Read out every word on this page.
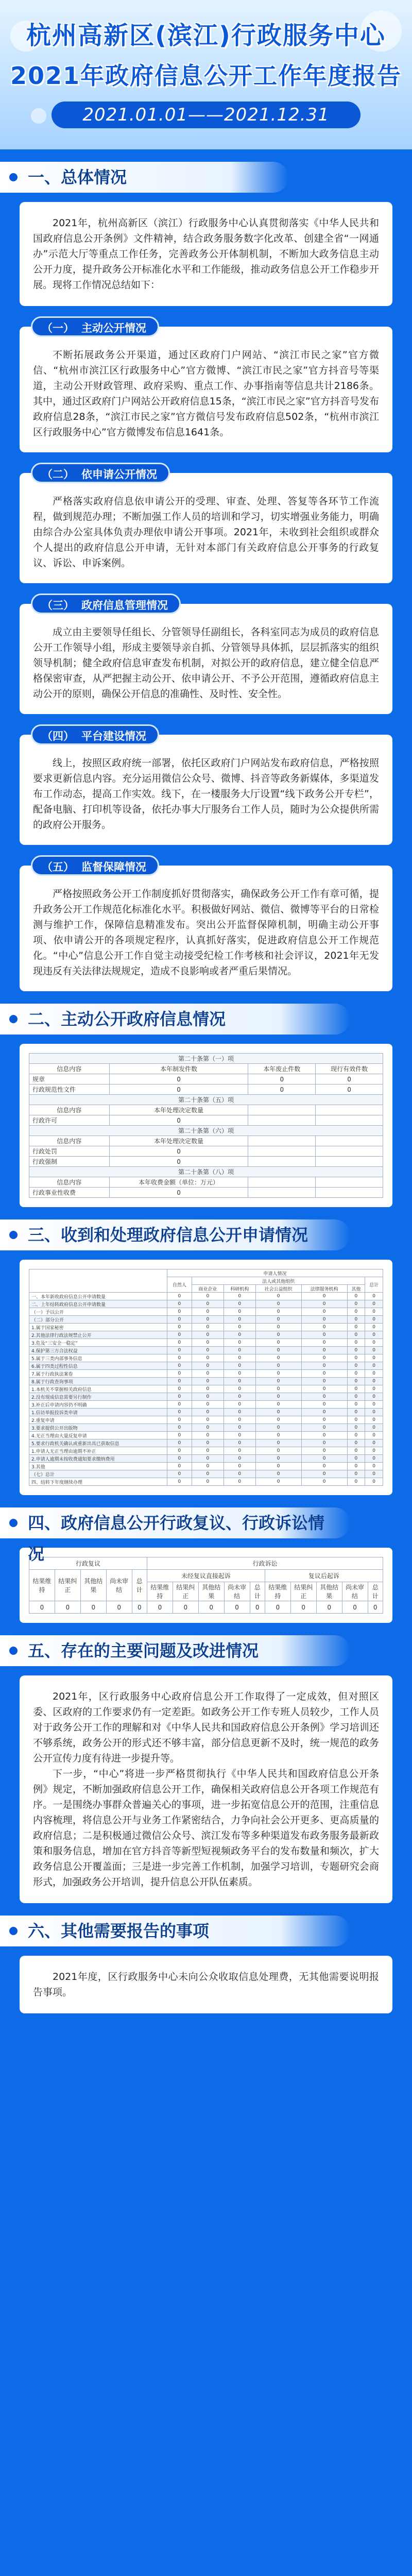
杭州高新区(滨江)行政服务中心
2021年政府信息公开工作年度报告
2021.01.01——2021.12.31
一、总体情况

2021年，杭州高新区（滨江）行政服务中心认真贯彻落实《中华人民共和国政府信息公开条例》文件精神，结合政务服务数字化改革、创建全省“一网通办”示范大厅等重点工作任务，完善政务公开体制机制，不断加大政务信息主动公开力度，提升政务公开标准化水平和工作能级，推动政务信息公开工作稳步开展。现将工作情况总结如下：

（一） 主动公开情况

不断拓展政务公开渠道，通过区政府门户网站、“滨江市民之家”官方微信、“杭州市滨江区行政服务中心”官方微博、“滨江市民之家”官方抖音号等渠道，主动公开财政管理、政府采购、重点工作、办事指南等信息共计2186条。其中，通过区政府门户网站公开政府信息15条，“滨江市民之家”官方抖音号发布政府信息28条，“滨江市民之家”官方微信号发布政府信息502条，“杭州市滨江区行政服务中心”官方微博发布信息1641条。

（二） 依申请公开情况

严格落实政府信息依申请公开的受理、审查、处理、答复等各环节工作流程，做到规范办理；不断加强工作人员的培训和学习，切实增强业务能力，明确由综合办公室具体负责办理依申请公开事项。2021年，未收到社会组织或群众个人提出的政府信息公开申请，无针对本部门有关政府信息公开事务的行政复议、诉讼、申诉案例。

（三） 政府信息管理情况

成立由主要领导任组长、分管领导任副组长，各科室同志为成员的政府信息公开工作领导小组，形成主要领导亲自抓、分管领导具体抓，层层抓落实的组织领导机制；健全政府信息审查发布机制，对拟公开的政府信息，建立健全信息严格保密审查，从严把握主动公开、依申请公开、不予公开范围，遵循政府信息主动公开的原则，确保公开信息的准确性、及时性、安全性。

（四） 平台建设情况

线上，按照区政府统一部署，依托区政府门户网站发布政府信息，严格按照要求更新信息内容。充分运用微信公众号、微博、抖音等政务新媒体，多渠道发布工作动态，提高工作实效。线下，在一楼服务大厅设置“线下政务公开专栏”，配备电脑、打印机等设备，依托办事大厅服务台工作人员，随时为公众提供所需的政府公开服务。

（五） 监督保障情况

严格按照政务公开工作制度抓好贯彻落实，确保政务公开工作有章可循，提升政务公开工作规范化标准化水平。积极做好网站、微信、微博等平台的日常检测与维护工作，保障信息精准发布。突出公开监督保障机制，明确主动公开事项、依申请公开的各项规定程序，认真抓好落实，促进政府信息公开工作规范化。“中心”信息公开工作自觉主动接受纪检工作考核和社会评议，2021年无发现违反有关法律法规规定，造成不良影响或者严重后果情况。

二、主动公开政府信息情况
第二十条第（一）项			
信息内容	本年制发件数	本年废止件数	现行有效件数
规章	0	0	0
行政规范性文件	0	0	0
第二十条第（五）项			
信息内容	本年处理决定数量		
行政许可	0		
第二十条第（六）项			
信息内容	本年处理决定数量		
行政处罚	0		
行政强制	0		
第二十条第（八）项			
信息内容	本年收费金额（单位：万元）		
行政事业性收费	0		
三、收到和处理政府信息公开申请情况
	申请人情况						
	自然人	法人或其他组织					总计
		商业企业	科研机构	社会公益组织	法律服务机构	其他	
一、本年新收政府信息公开申请数量	0	0	0	0	0	0	0
二、上年结转政府信息公开申请数量	0	0	0	0	0	0	0
（一）予以公开	0	0	0	0	0	0	0
（二）部分公开	0	0	0	0	0	0	0
1.属于国家秘密	0	0	0	0	0	0	0
2.其他法律行政法规禁止公开	0	0	0	0	0	0	0
3.危及“三安全一稳定”	0	0	0	0	0	0	0
4.保护第三方合法权益	0	0	0	0	0	0	0
5.属于三类内部事务信息	0	0	0	0	0	0	0
6.属于四类过程性信息	0	0	0	0	0	0	0
7.属于行政执法案卷	0	0	0	0	0	0	0
8.属于行政查询事项	0	0	0	0	0	0	0
1.本机关不掌握相关政府信息	0	0	0	0	0	0	0
2.没有现成信息需要另行制作	0	0	0	0	0	0	0
3.补正后申请内容仍不明确	0	0	0	0	0	0	0
1.信访举报投诉类申请	0	0	0	0	0	0	0
2.重复申请	0	0	0	0	0	0	0
3.要求提供公开出版物	0	0	0	0	0	0	0
4.无正当理由大量反复申请	0	0	0	0	0	0	0
5.要求行政机关确认或重新出具已获取信息	0	0	0	0	0	0	0
1.申请人无正当理由逾期不补正	0	0	0	0	0	0	0
2.申请人逾期未按收费通知要求缴纳费用	0	0	0	0	0	0	0
3.其他	0	0	0	0	0	0	0
（七）总计	0	0	0	0	0	0	0
四、结转下年度继续办理	0	0	0	0	0	0	0
四、政府信息公开行政复议、行政诉讼情况	行政复议					行政诉讼									
结果维持	结果纠正	其他结果	尚未审结	总计	未经复议直接起诉					复议后起诉				
					结果维持	结果纠正	其他结果	尚未审结	总计	结果维持	结果纠正	其他结果	尚未审结	总计
0	0	0	0	0	0	0	0	0	0	0	0	0	0	0
五、存在的主要问题及改进情况

2021年，区行政服务中心政府信息公开工作取得了一定成效，但对照区委、区政府的工作要求仍有一定差距。如政务公开工作专班人员较少，工作人员对于政务公开工作的理解和对《中华人民共和国政府信息公开条例》学习培训还不够系统，政务公开的形式还不够丰富，部分信息更新不及时，统一规范的政务公开宣传力度有待进一步提升等。

下一步，“中心”将进一步严格贯彻执行《中华人民共和国政府信息公开条例》规定，不断加强政府信息公开工作，确保相关政府信息公开各项工作规范有序。一是围绕办事群众普遍关心的事项，进一步拓宽信息公开的范围，注重信息内容梳理，将信息公开与业务工作紧密结合，力争向社会公开更多、更高质量的政府信息；二是积极通过微信公众号、滨江发布等多种渠道发布政务服务最新政策和服务信息，增加在官方抖音等新型短视频政务平台的发布数量和频次，扩大政务信息公开覆盖面；三是进一步完善工作机制，加强学习培训，专题研究会商形式，加强政务公开培训，提升信息公开队伍素质。

六、其他需要报告的事项

2021年度，区行政服务中心未向公众收取信息处理费，无其他需要说明报告事项。
